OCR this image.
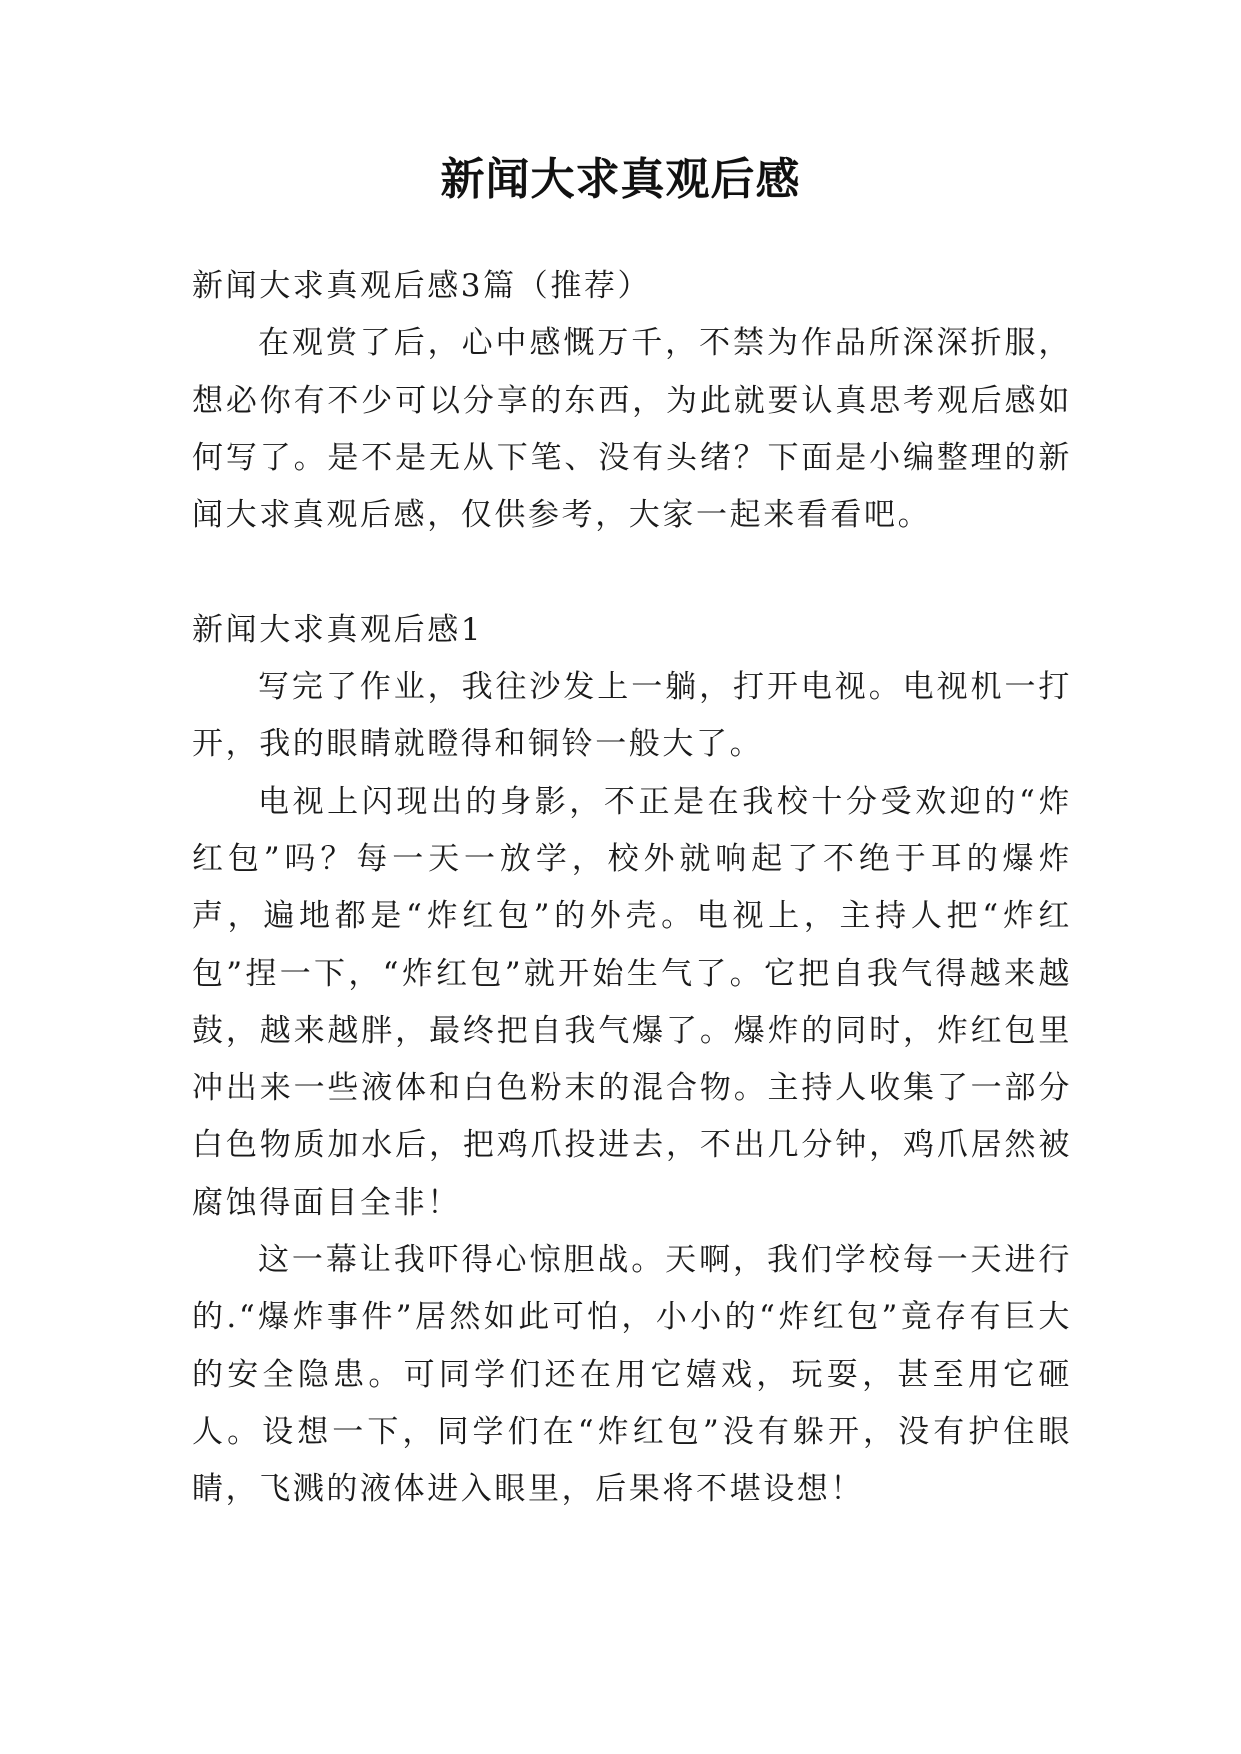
新闻大求真观后感

新闻大求真观后感3篇（推荐）

在观赏了后，心中感慨万千，不禁为作品所深深折服，想必你有不少可以分享的东西，为此就要认真思考观后感如何写了。是不是无从下笔、没有头绪？下面是小编整理的新闻大求真观后感，仅供参考，大家一起来看看吧。

新闻大求真观后感1

写完了作业，我往沙发上一躺，打开电视。电视机一打开，我的眼睛就瞪得和铜铃一般大了。

电视上闪现出的身影，不正是在我校十分受欢迎的“炸红包”吗？每一天一放学，校外就响起了不绝于耳的爆炸声，遍地都是“炸红包”的外壳。电视上，主持人把“炸红包”捏一下，“炸红包”就开始生气了。它把自我气得越来越鼓，越来越胖，最终把自我气爆了。爆炸的同时，炸红包里冲出来一些液体和白色粉末的混合物。主持人收集了一部分白色物质加水后，把鸡爪投进去，不出几分钟，鸡爪居然被腐蚀得面目全非！

这一幕让我吓得心惊胆战。天啊，我们学校每一天进行的.“爆炸事件”居然如此可怕，小小的“炸红包”竟存有巨大的安全隐患。可同学们还在用它嬉戏，玩耍，甚至用它砸人。设想一下，同学们在“炸红包”没有躲开，没有护住眼睛，飞溅的液体进入眼里，后果将不堪设想！
